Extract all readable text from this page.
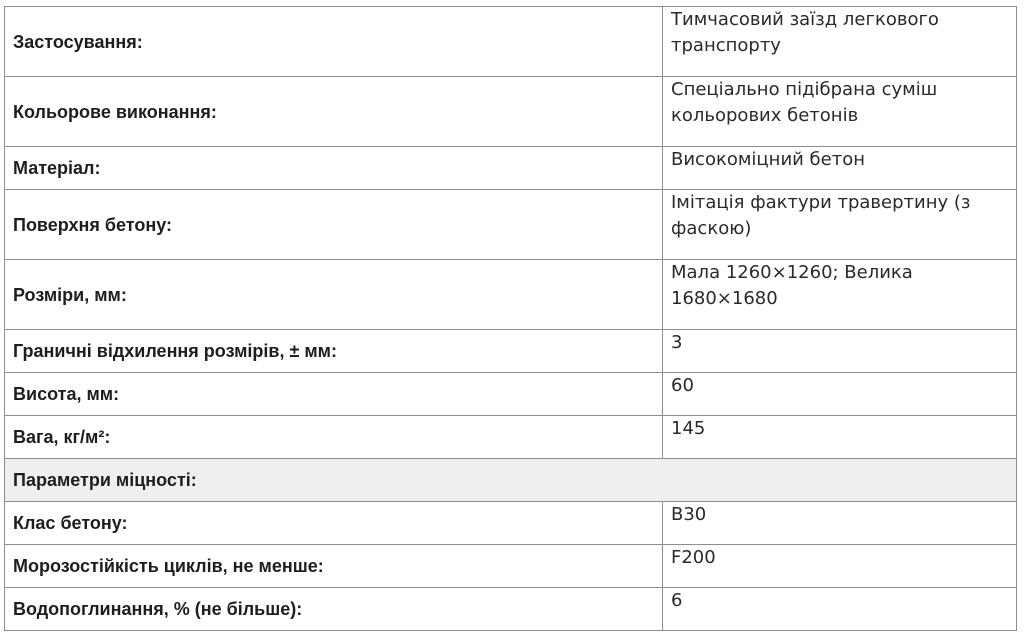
Застосування:	Тимчасовий заїзд легкового транспорту
Кольорове виконання:	Спеціально підібрана суміш кольорових бетонів
Матеріал:	Високоміцний бетон
Поверхня бетону:	Імітація фактури травертину (з фаскою)
Розміри, мм:	Мала 1260×1260; Велика 1680×1680
Граничні відхилення розмірів, ± мм:	3
Висота, мм:	60
Вага, кг/м²:	145
Параметри міцності:	
Клас бетону:	B30
Морозостійкість циклів, не менше:	F200
Водопоглинання, % (не більше):	6
